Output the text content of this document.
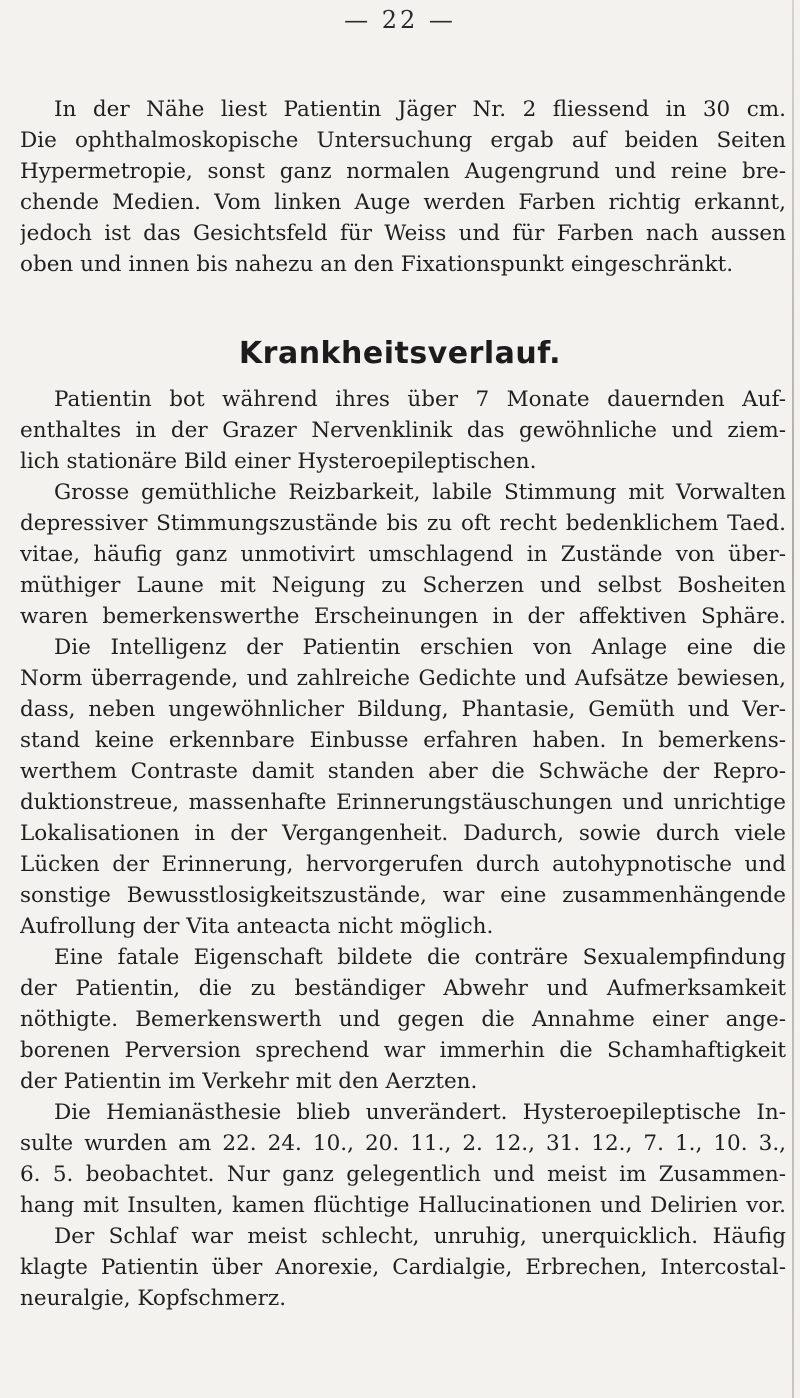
— 22 —
In der Nähe liest Patientin Jäger Nr. 2 fliessend in 30 cm.
Die ophthalmoskopische Untersuchung ergab auf beiden Seiten
Hypermetropie, sonst ganz normalen Augengrund und reine bre-
chende Medien. Vom linken Auge werden Farben richtig erkannt,
jedoch ist das Gesichtsfeld für Weiss und für Farben nach aussen
oben und innen bis nahezu an den Fixationspunkt eingeschränkt.
Krankheitsverlauf.
Patientin bot während ihres über 7 Monate dauernden Auf-
enthaltes in der Grazer Nervenklinik das gewöhnliche und ziem-
lich stationäre Bild einer Hysteroepileptischen.
Grosse gemüthliche Reizbarkeit, labile Stimmung mit Vorwalten
depressiver Stimmungszustände bis zu oft recht bedenklichem Taed.
vitae, häufig ganz unmotivirt umschlagend in Zustände von über-
müthiger Laune mit Neigung zu Scherzen und selbst Bosheiten
waren bemerkenswerthe Erscheinungen in der affektiven Sphäre.
Die Intelligenz der Patientin erschien von Anlage eine die
Norm überragende, und zahlreiche Gedichte und Aufsätze bewiesen,
dass, neben ungewöhnlicher Bildung, Phantasie, Gemüth und Ver-
stand keine erkennbare Einbusse erfahren haben. In bemerkens-
werthem Contraste damit standen aber die Schwäche der Repro-
duktionstreue, massenhafte Erinnerungstäuschungen und unrichtige
Lokalisationen in der Vergangenheit. Dadurch, sowie durch viele
Lücken der Erinnerung, hervorgerufen durch autohypnotische und
sonstige Bewusstlosigkeitszustände, war eine zusammenhängende
Aufrollung der Vita anteacta nicht möglich.
Eine fatale Eigenschaft bildete die conträre Sexualempfindung
der Patientin, die zu beständiger Abwehr und Aufmerksamkeit
nöthigte. Bemerkenswerth und gegen die Annahme einer ange-
borenen Perversion sprechend war immerhin die Schamhaftigkeit
der Patientin im Verkehr mit den Aerzten.
Die Hemianästhesie blieb unverändert. Hysteroepileptische In-
sulte wurden am 22. 24. 10., 20. 11., 2. 12., 31. 12., 7. 1., 10. 3.,
6. 5. beobachtet. Nur ganz gelegentlich und meist im Zusammen-
hang mit Insulten, kamen flüchtige Hallucinationen und Delirien vor.
Der Schlaf war meist schlecht, unruhig, unerquicklich. Häufig
klagte Patientin über Anorexie, Cardialgie, Erbrechen, Intercostal-
neuralgie, Kopfschmerz.
